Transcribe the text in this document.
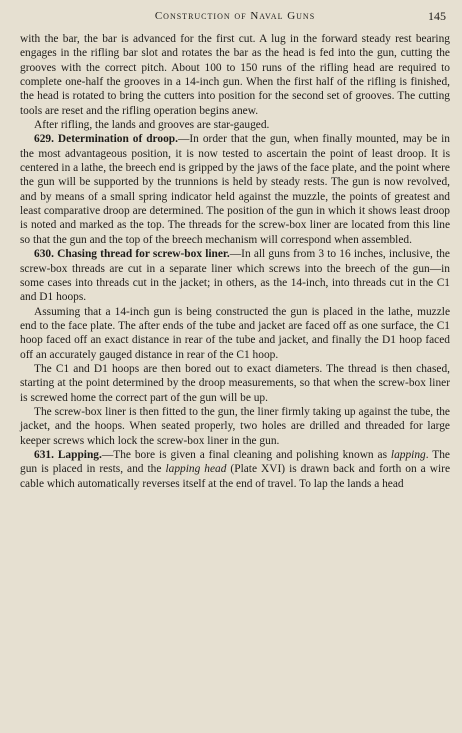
Construction of Naval Guns	145

with the bar, the bar is advanced for the first cut. A lug in the forward steady rest bearing engages in the rifling bar slot and rotates the bar as the head is fed into the gun, cutting the grooves with the correct pitch. About 100 to 150 runs of the rifling head are required to complete one-half the grooves in a 14-inch gun. When the first half of the rifling is finished, the head is rotated to bring the cutters into position for the second set of grooves. The cutting tools are reset and the rifling operation begins anew.

After rifling, the lands and grooves are star-gauged.

629. Determination of droop.—In order that the gun, when finally mounted, may be in the most advantageous position, it is now tested to ascertain the point of least droop. It is centered in a lathe, the breech end is gripped by the jaws of the face plate, and the point where the gun will be supported by the trunnions is held by steady rests. The gun is now revolved, and by means of a small spring indicator held against the muzzle, the points of greatest and least comparative droop are determined. The position of the gun in which it shows least droop is noted and marked as the top. The threads for the screw-box liner are located from this line so that the gun and the top of the breech mechanism will correspond when assembled.

630. Chasing thread for screw-box liner.—In all guns from 3 to 16 inches, inclusive, the screw-box threads are cut in a separate liner which screws into the breech of the gun—in some cases into threads cut in the jacket; in others, as the 14-inch, into threads cut in the C1 and D1 hoops.

Assuming that a 14-inch gun is being constructed the gun is placed in the lathe, muzzle end to the face plate. The after ends of the tube and jacket are faced off as one surface, the C1 hoop faced off an exact distance in rear of the tube and jacket, and finally the D1 hoop faced off an accurately gauged distance in rear of the C1 hoop.

The C1 and D1 hoops are then bored out to exact diameters. The thread is then chased, starting at the point determined by the droop measurements, so that when the screw-box liner is screwed home the correct part of the gun will be up.

The screw-box liner is then fitted to the gun, the liner firmly taking up against the tube, the jacket, and the hoops. When seated properly, two holes are drilled and threaded for large keeper screws which lock the screw-box liner in the gun.

631. Lapping.—The bore is given a final cleaning and polishing known as lapping. The gun is placed in rests, and the lapping head (Plate XVI) is drawn back and forth on a wire cable which automatically reverses itself at the end of travel. To lap the lands a head
